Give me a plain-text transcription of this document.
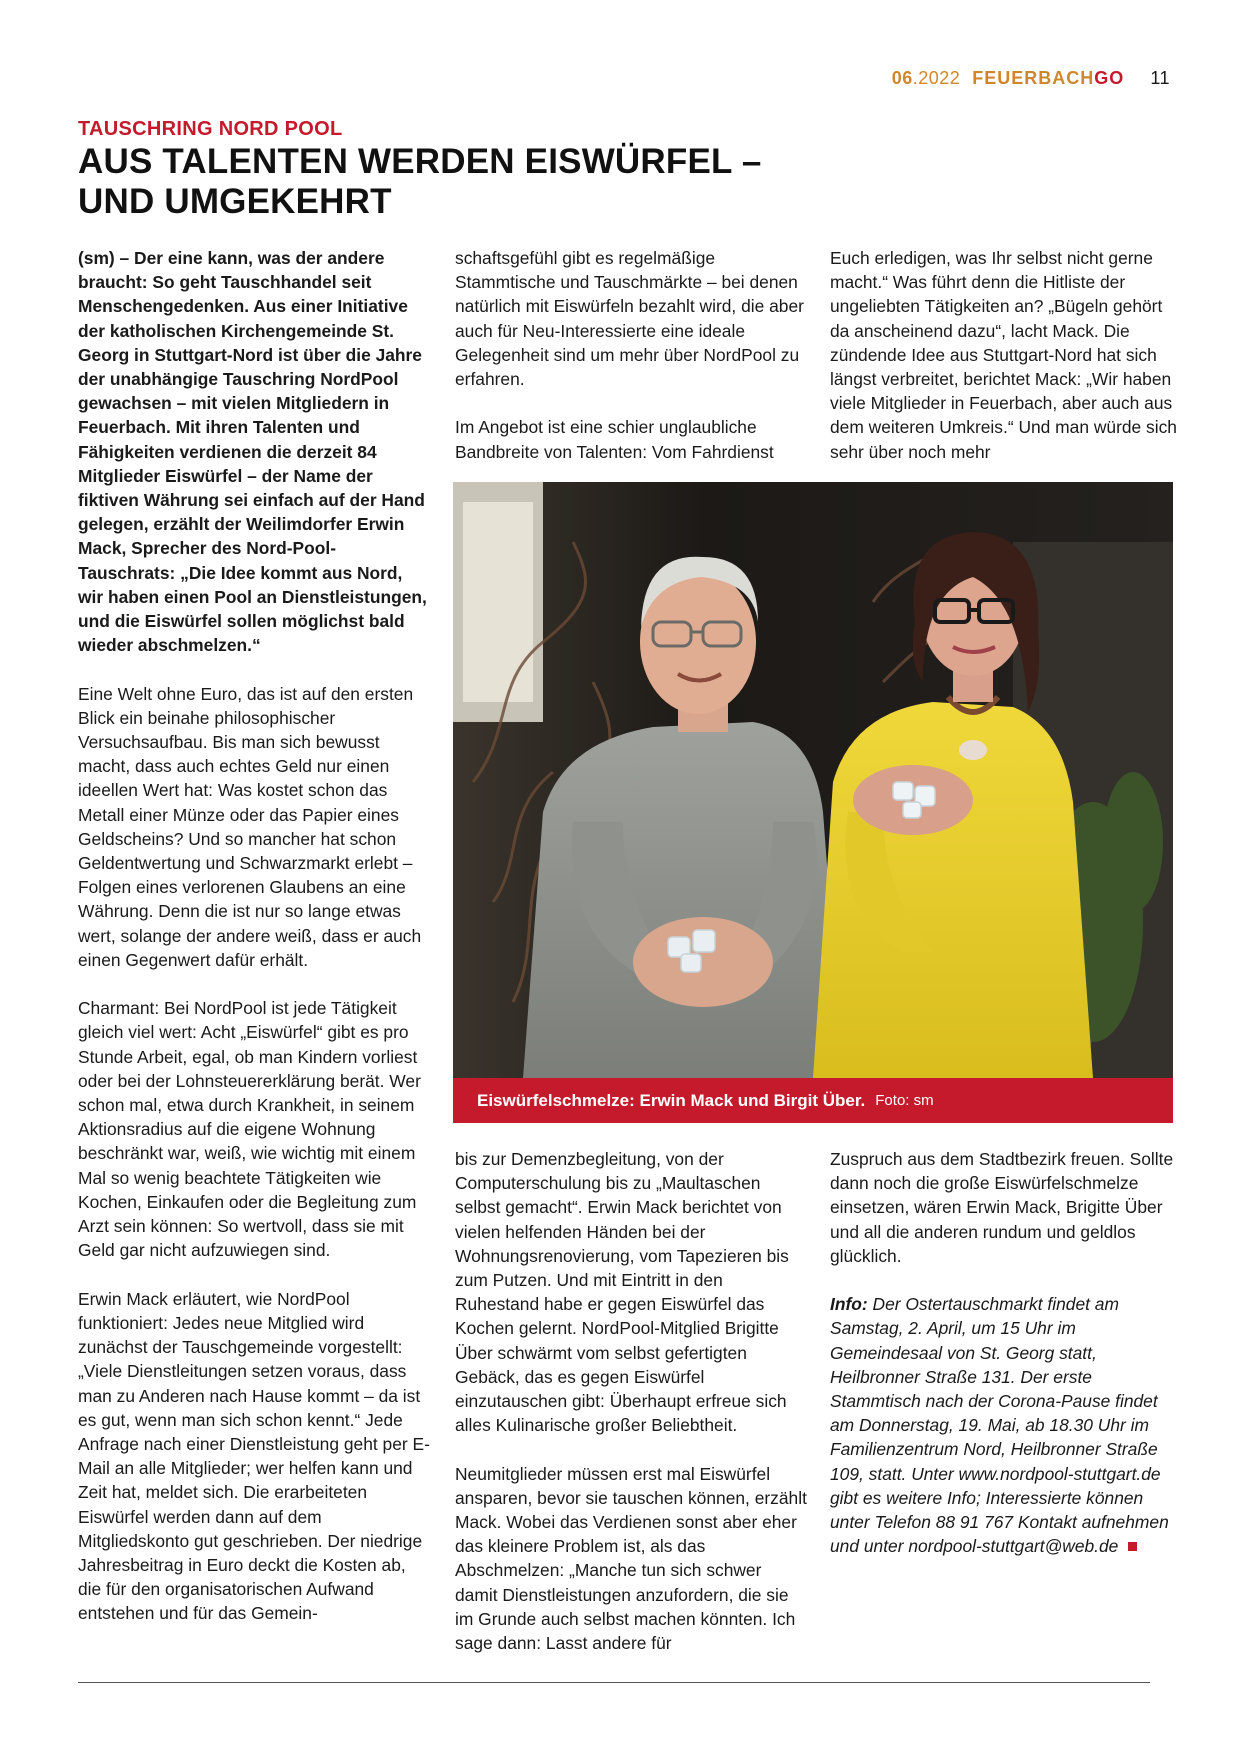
06.2022 FEUERBACHGO 11
TAUSCHRING NORD POOL
AUS TALENTEN WERDEN EISWÜRFEL – UND UMGEKEHRT

(sm) – Der eine kann, was der andere braucht: So geht Tauschhandel seit Menschengedenken. Aus einer Initiative der katholischen Kirchengemeinde St. Georg in Stuttgart-Nord ist über die Jahre der unabhängige Tauschring NordPool gewachsen – mit vielen Mitgliedern in Feuerbach. Mit ihren Talenten und Fähigkeiten verdienen die derzeit 84 Mitglieder Eiswürfel – der Name der fiktiven Währung sei einfach auf der Hand gelegen, erzählt der Weilimdorfer Erwin Mack, Sprecher des Nord-Pool-Tauschrats: „Die Idee kommt aus Nord, wir haben einen Pool an Dienstleistungen, und die Eiswürfel sollen möglichst bald wieder abschmelzen.“

Eine Welt ohne Euro, das ist auf den ersten Blick ein beinahe philosophischer Versuchsaufbau. Bis man sich bewusst macht, dass auch echtes Geld nur einen ideellen Wert hat: Was kostet schon das Metall einer Münze oder das Papier eines Geldscheins? Und so mancher hat schon Geldentwertung und Schwarzmarkt erlebt – Folgen eines verlorenen Glaubens an eine Währung. Denn die ist nur so lange etwas wert, solange der andere weiß, dass er auch einen Gegenwert dafür erhält.

Charmant: Bei NordPool ist jede Tätigkeit gleich viel wert: Acht „Eiswürfel“ gibt es pro Stunde Arbeit, egal, ob man Kindern vorliest oder bei der Lohnsteuererklärung berät. Wer schon mal, etwa durch Krankheit, in seinem Aktionsradius auf die eigene Wohnung beschränkt war, weiß, wie wichtig mit einem Mal so wenig beachtete Tätigkeiten wie Kochen, Einkaufen oder die Begleitung zum Arzt sein können: So wertvoll, dass sie mit Geld gar nicht aufzuwiegen sind.

Erwin Mack erläutert, wie NordPool funktioniert: Jedes neue Mitglied wird zunächst der Tauschgemeinde vorgestellt: „Viele Dienstleitungen setzen voraus, dass man zu Anderen nach Hause kommt – da ist es gut, wenn man sich schon kennt.“ Jede Anfrage nach einer Dienstleistung geht per E-Mail an alle Mitglieder; wer helfen kann und Zeit hat, meldet sich. Die erarbeiteten Eiswürfel werden dann auf dem Mitgliedskonto gut geschrieben. Der niedrige Jahresbeitrag in Euro deckt die Kosten ab, die für den organisatorischen Aufwand entstehen und für das Gemein-

schaftsgefühl gibt es regelmäßige Stammtische und Tauschmärkte – bei denen natürlich mit Eiswürfeln bezahlt wird, die aber auch für Neu-Interessierte eine ideale Gelegenheit sind um mehr über NordPool zu erfahren.

Im Angebot ist eine schier unglaubliche Bandbreite von Talenten: Vom Fahrdienst

Euch erledigen, was Ihr selbst nicht gerne macht.“ Was führt denn die Hitliste der ungeliebten Tätigkeiten an? „Bügeln gehört da anscheinend dazu“, lacht Mack. Die zündende Idee aus Stuttgart-Nord hat sich längst verbreitet, berichtet Mack: „Wir haben viele Mitglieder in Feuerbach, aber auch aus dem weiteren Umkreis.“ Und man würde sich sehr über noch mehr

Eiswürfelschmelze: Erwin Mack und Birgit Über. Foto: sm

bis zur Demenzbegleitung, von der Computerschulung bis zu „Maultaschen selbst gemacht“. Erwin Mack berichtet von vielen helfenden Händen bei der Wohnungsrenovierung, vom Tapezieren bis zum Putzen. Und mit Eintritt in den Ruhestand habe er gegen Eiswürfel das Kochen gelernt. NordPool-Mitglied Brigitte Über schwärmt vom selbst gefertigten Gebäck, das es gegen Eiswürfel einzutauschen gibt: Überhaupt erfreue sich alles Kulinarische großer Beliebtheit.

Neumitglieder müssen erst mal Eiswürfel ansparen, bevor sie tauschen können, erzählt Mack. Wobei das Verdienen sonst aber eher das kleinere Problem ist, als das Abschmelzen: „Manche tun sich schwer damit Dienstleistungen anzufordern, die sie im Grunde auch selbst machen könnten. Ich sage dann: Lasst andere für

Zuspruch aus dem Stadtbezirk freuen. Sollte dann noch die große Eiswürfelschmelze einsetzen, wären Erwin Mack, Brigitte Über und all die anderen rundum und geldlos glücklich.

Info: Der Ostertauschmarkt findet am Samstag, 2. April, um 15 Uhr im Gemeindesaal von St. Georg statt, Heilbronner Straße 131. Der erste Stammtisch nach der Corona-Pause findet am Donnerstag, 19. Mai, ab 18.30 Uhr im Familienzentrum Nord, Heilbronner Straße 109, statt. Unter www.nordpool-stuttgart.de gibt es weitere Info; Interessierte können unter Telefon 88 91 767 Kontakt aufnehmen und unter nordpool-stuttgart@web.de
